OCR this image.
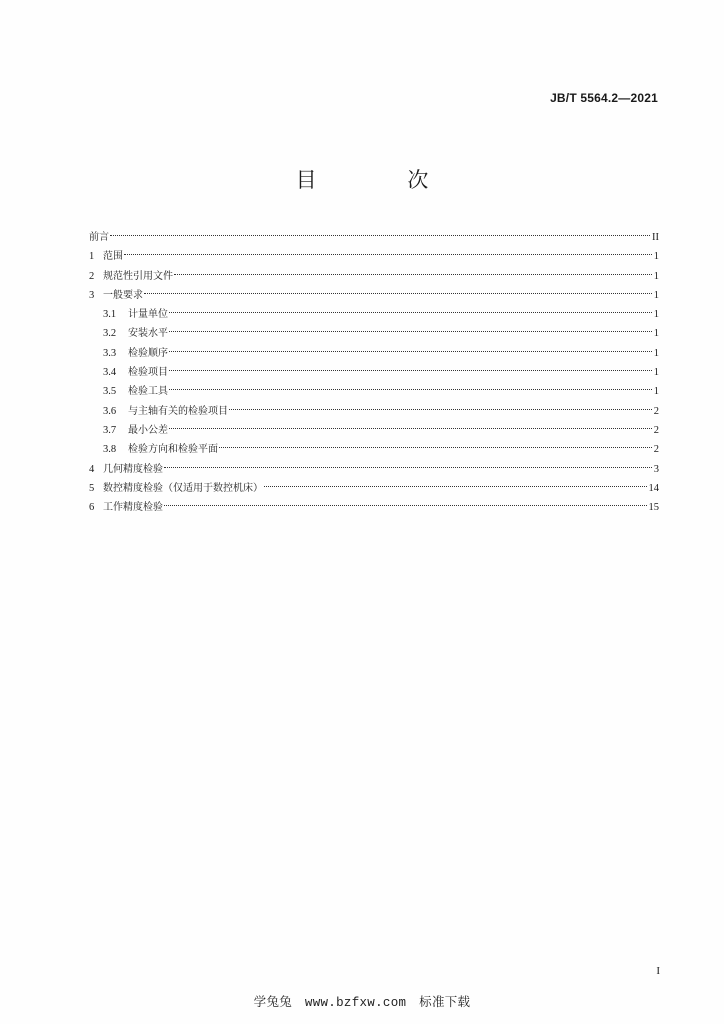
JB/T 5564.2—2021
目 次
前言	II
1 范围	1
2 规范性引用文件	1
3 一般要求	1
3.1	计量单位	1
3.2	安装水平	1
3.3	检验顺序	1
3.4	检验项目	1
3.5	检验工具	1
3.6	与主轴有关的检验项目	2
3.7	最小公差	2
3.8	检验方向和检验平面	2
4 几何精度检验	3
5 数控精度检验（仅适用于数控机床）	14
6 工作精度检验	15
I
学兔兔 www.bzfxw.com 标准下载
